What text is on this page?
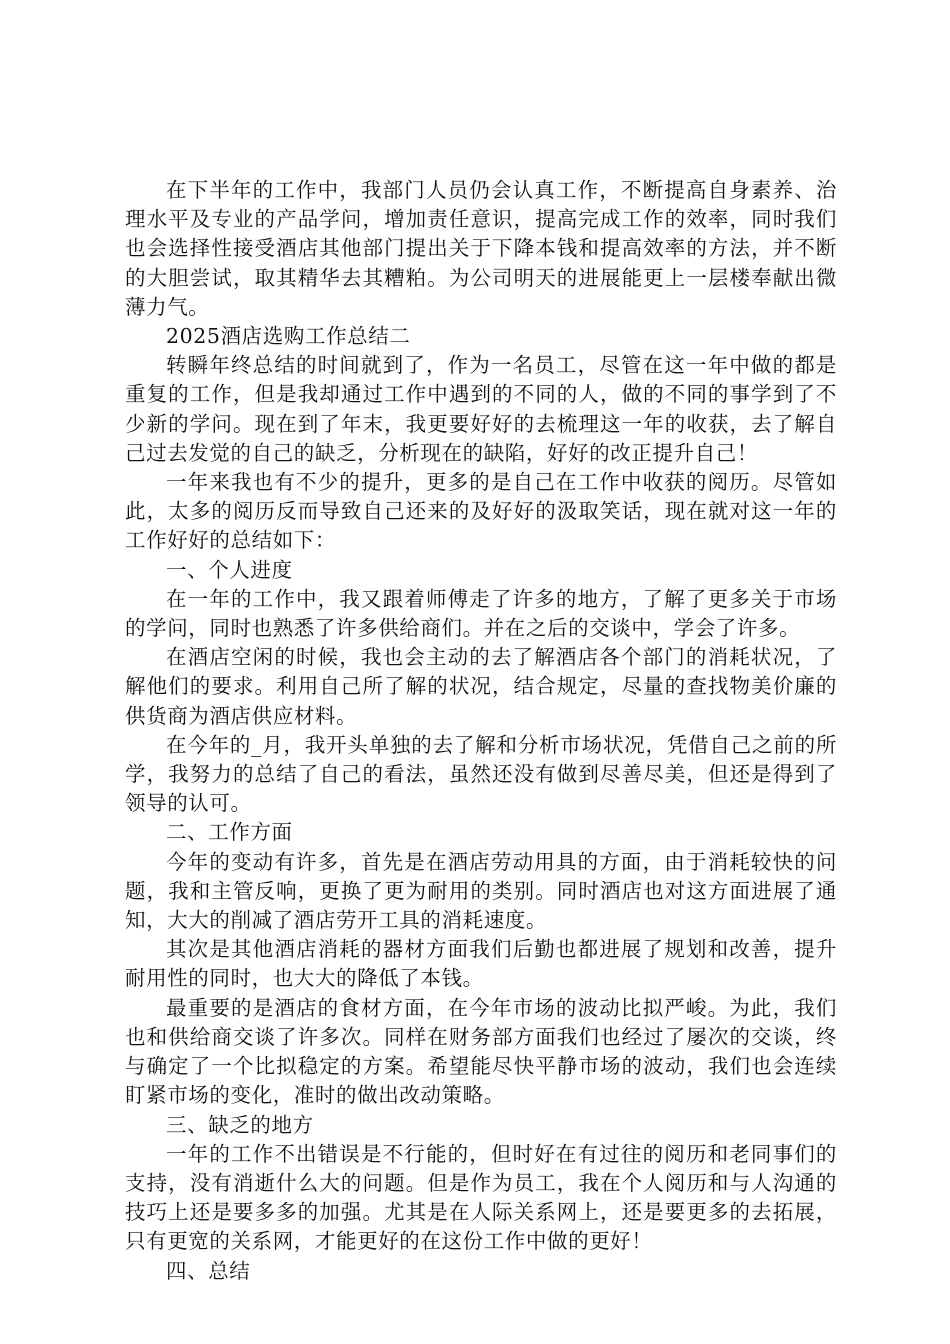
在下半年的工作中，我部门人员仍会认真工作，不断提高自身素养、治理水平及专业的产品学问，增加责任意识，提高完成工作的效率，同时我们也会选择性接受酒店其他部门提出关于下降本钱和提高效率的方法，并不断的大胆尝试，取其精华去其糟粕。为公司明天的进展能更上一层楼奉献出微薄力气。

2025酒店选购工作总结二

转瞬年终总结的时间就到了，作为一名员工，尽管在这一年中做的都是重复的工作，但是我却通过工作中遇到的不同的人，做的不同的事学到了不少新的学问。现在到了年末，我更要好好的去梳理这一年的收获，去了解自己过去发觉的自己的缺乏，分析现在的缺陷，好好的改正提升自己！

一年来我也有不少的提升，更多的是自己在工作中收获的阅历。尽管如此，太多的阅历反而导致自己还来的及好好的汲取笑话，现在就对这一年的工作好好的总结如下：

一、个人进度

在一年的工作中，我又跟着师傅走了许多的地方，了解了更多关于市场的学问，同时也熟悉了许多供给商们。并在之后的交谈中，学会了许多。

在酒店空闲的时候，我也会主动的去了解酒店各个部门的消耗状况，了解他们的要求。利用自己所了解的状况，结合规定，尽量的查找物美价廉的供货商为酒店供应材料。

在今年的_月，我开头单独的去了解和分析市场状况，凭借自己之前的所学，我努力的总结了自己的看法，虽然还没有做到尽善尽美，但还是得到了领导的认可。

二、工作方面

今年的变动有许多，首先是在酒店劳动用具的方面，由于消耗较快的问题，我和主管反响，更换了更为耐用的类别。同时酒店也对这方面进展了通知，大大的削减了酒店劳开工具的消耗速度。

其次是其他酒店消耗的器材方面我们后勤也都进展了规划和改善，提升耐用性的同时，也大大的降低了本钱。

最重要的是酒店的食材方面，在今年市场的波动比拟严峻。为此，我们也和供给商交谈了许多次。同样在财务部方面我们也经过了屡次的交谈，终与确定了一个比拟稳定的方案。希望能尽快平静市场的波动，我们也会连续盯紧市场的变化，准时的做出改动策略。

三、缺乏的地方

一年的工作不出错误是不行能的，但时好在有过往的阅历和老同事们的支持，没有消逝什么大的问题。但是作为员工，我在个人阅历和与人沟通的技巧上还是要多多的加强。尤其是在人际关系网上，还是要更多的去拓展，只有更宽的关系网，才能更好的在这份工作中做的更好！

四、总结
